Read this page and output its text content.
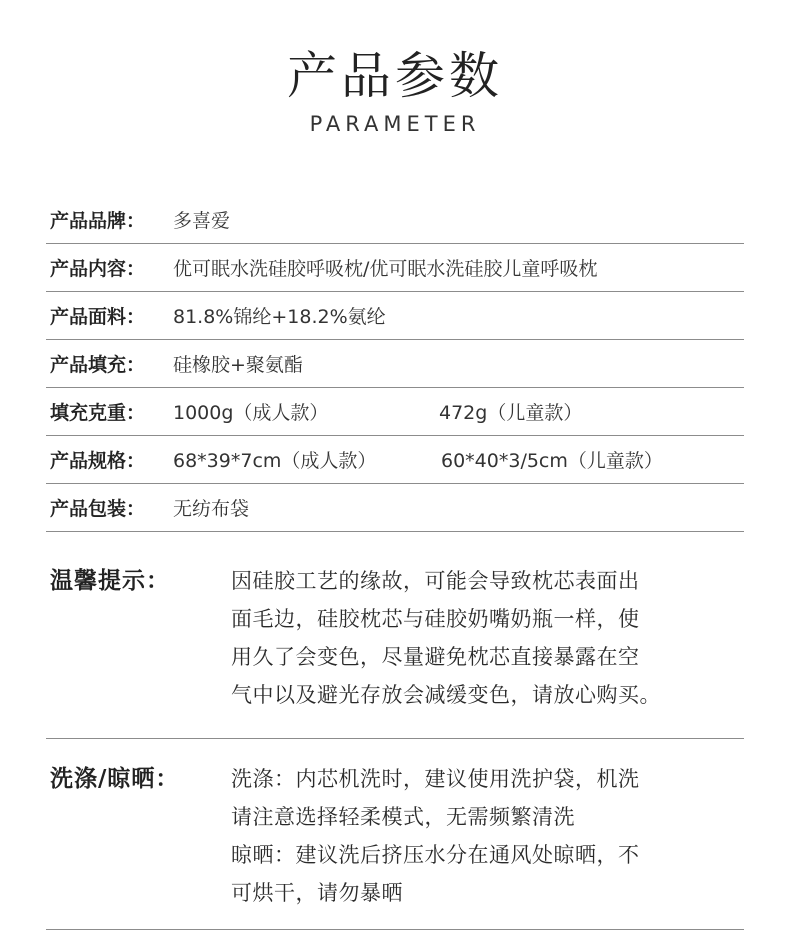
产品参数
PARAMETER
产品品牌：	多喜爱
产品内容：	优可眠水洗硅胶呼吸枕/优可眠水洗硅胶儿童呼吸枕
产品面料：	81.8%锦纶+18.2%氨纶
产品填充：	硅橡胶+聚氨酯
填充克重：	1000g（成人款）	472g（儿童款）
产品规格：	68*39*7cm（成人款）	60*40*3/5cm（儿童款）
产品包装：	无纺布袋
温馨提示：	因硅胶工艺的缘故，可能会导致枕芯表面出
面毛边，硅胶枕芯与硅胶奶嘴奶瓶一样，使
用久了会变色，尽量避免枕芯直接暴露在空
气中以及避光存放会减缓变色，请放心购买。
洗涤/晾晒： 洗涤：内芯机洗时，建议使用洗护袋，机洗
请注意选择轻柔模式，无需频繁清洗
晾晒：建议洗后挤压水分在通风处晾晒，不
可烘干，请勿暴晒
